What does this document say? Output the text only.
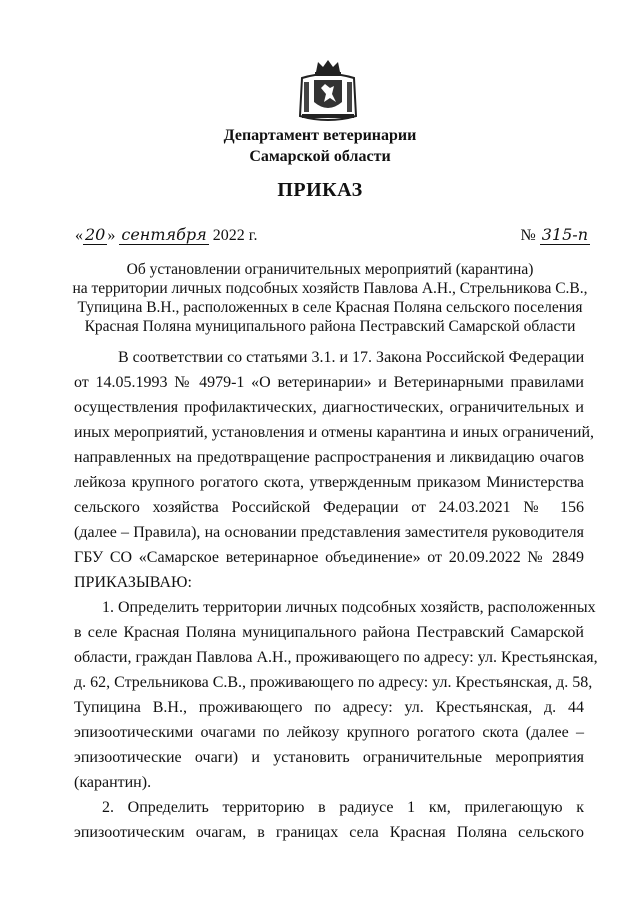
Департамент ветеринарии
Самарской области
ПРИКАЗ
« 20 » сентября 2022 г.	№ 315-п
Об установлении ограничительных мероприятий (карантина)
на территории личных подсобных хозяйств Павлова А.Н., Стрельникова С.В.,
Тупицина В.Н., расположенных в селе Красная Поляна сельского поселения
Красная Поляна муниципального района Пестравский Самарской области
В соответствии со статьями 3.1. и 17. Закона Российской Федерации
от 14.05.1993 № 4979-1 «О ветеринарии» и Ветеринарными правилами
осуществления профилактических, диагностических, ограничительных и
иных мероприятий, установления и отмены карантина и иных ограничений,
направленных на предотвращение распространения и ликвидацию очагов
лейкоза крупного рогатого скота, утвержденным приказом Министерства
сельского хозяйства Российской Федерации от 24.03.2021 № 156
(далее – Правила), на основании представления заместителя руководителя
ГБУ СО «Самарское ветеринарное объединение» от 20.09.2022 № 2849
ПРИКАЗЫВАЮ:
1. Определить территории личных подсобных хозяйств, расположенных
в селе Красная Поляна муниципального района Пестравский Самарской
области, граждан Павлова А.Н., проживающего по адресу: ул. Крестьянская,
д. 62, Стрельникова С.В., проживающего по адресу: ул. Крестьянская, д. 58,
Тупицина В.Н., проживающего по адресу: ул. Крестьянская, д. 44
эпизоотическими очагами по лейкозу крупного рогатого скота (далее –
эпизоотические очаги) и установить ограничительные мероприятия
(карантин).
2. Определить территорию в радиусе 1 км, прилегающую к
эпизоотическим очагам, в границах села Красная Поляна сельского
